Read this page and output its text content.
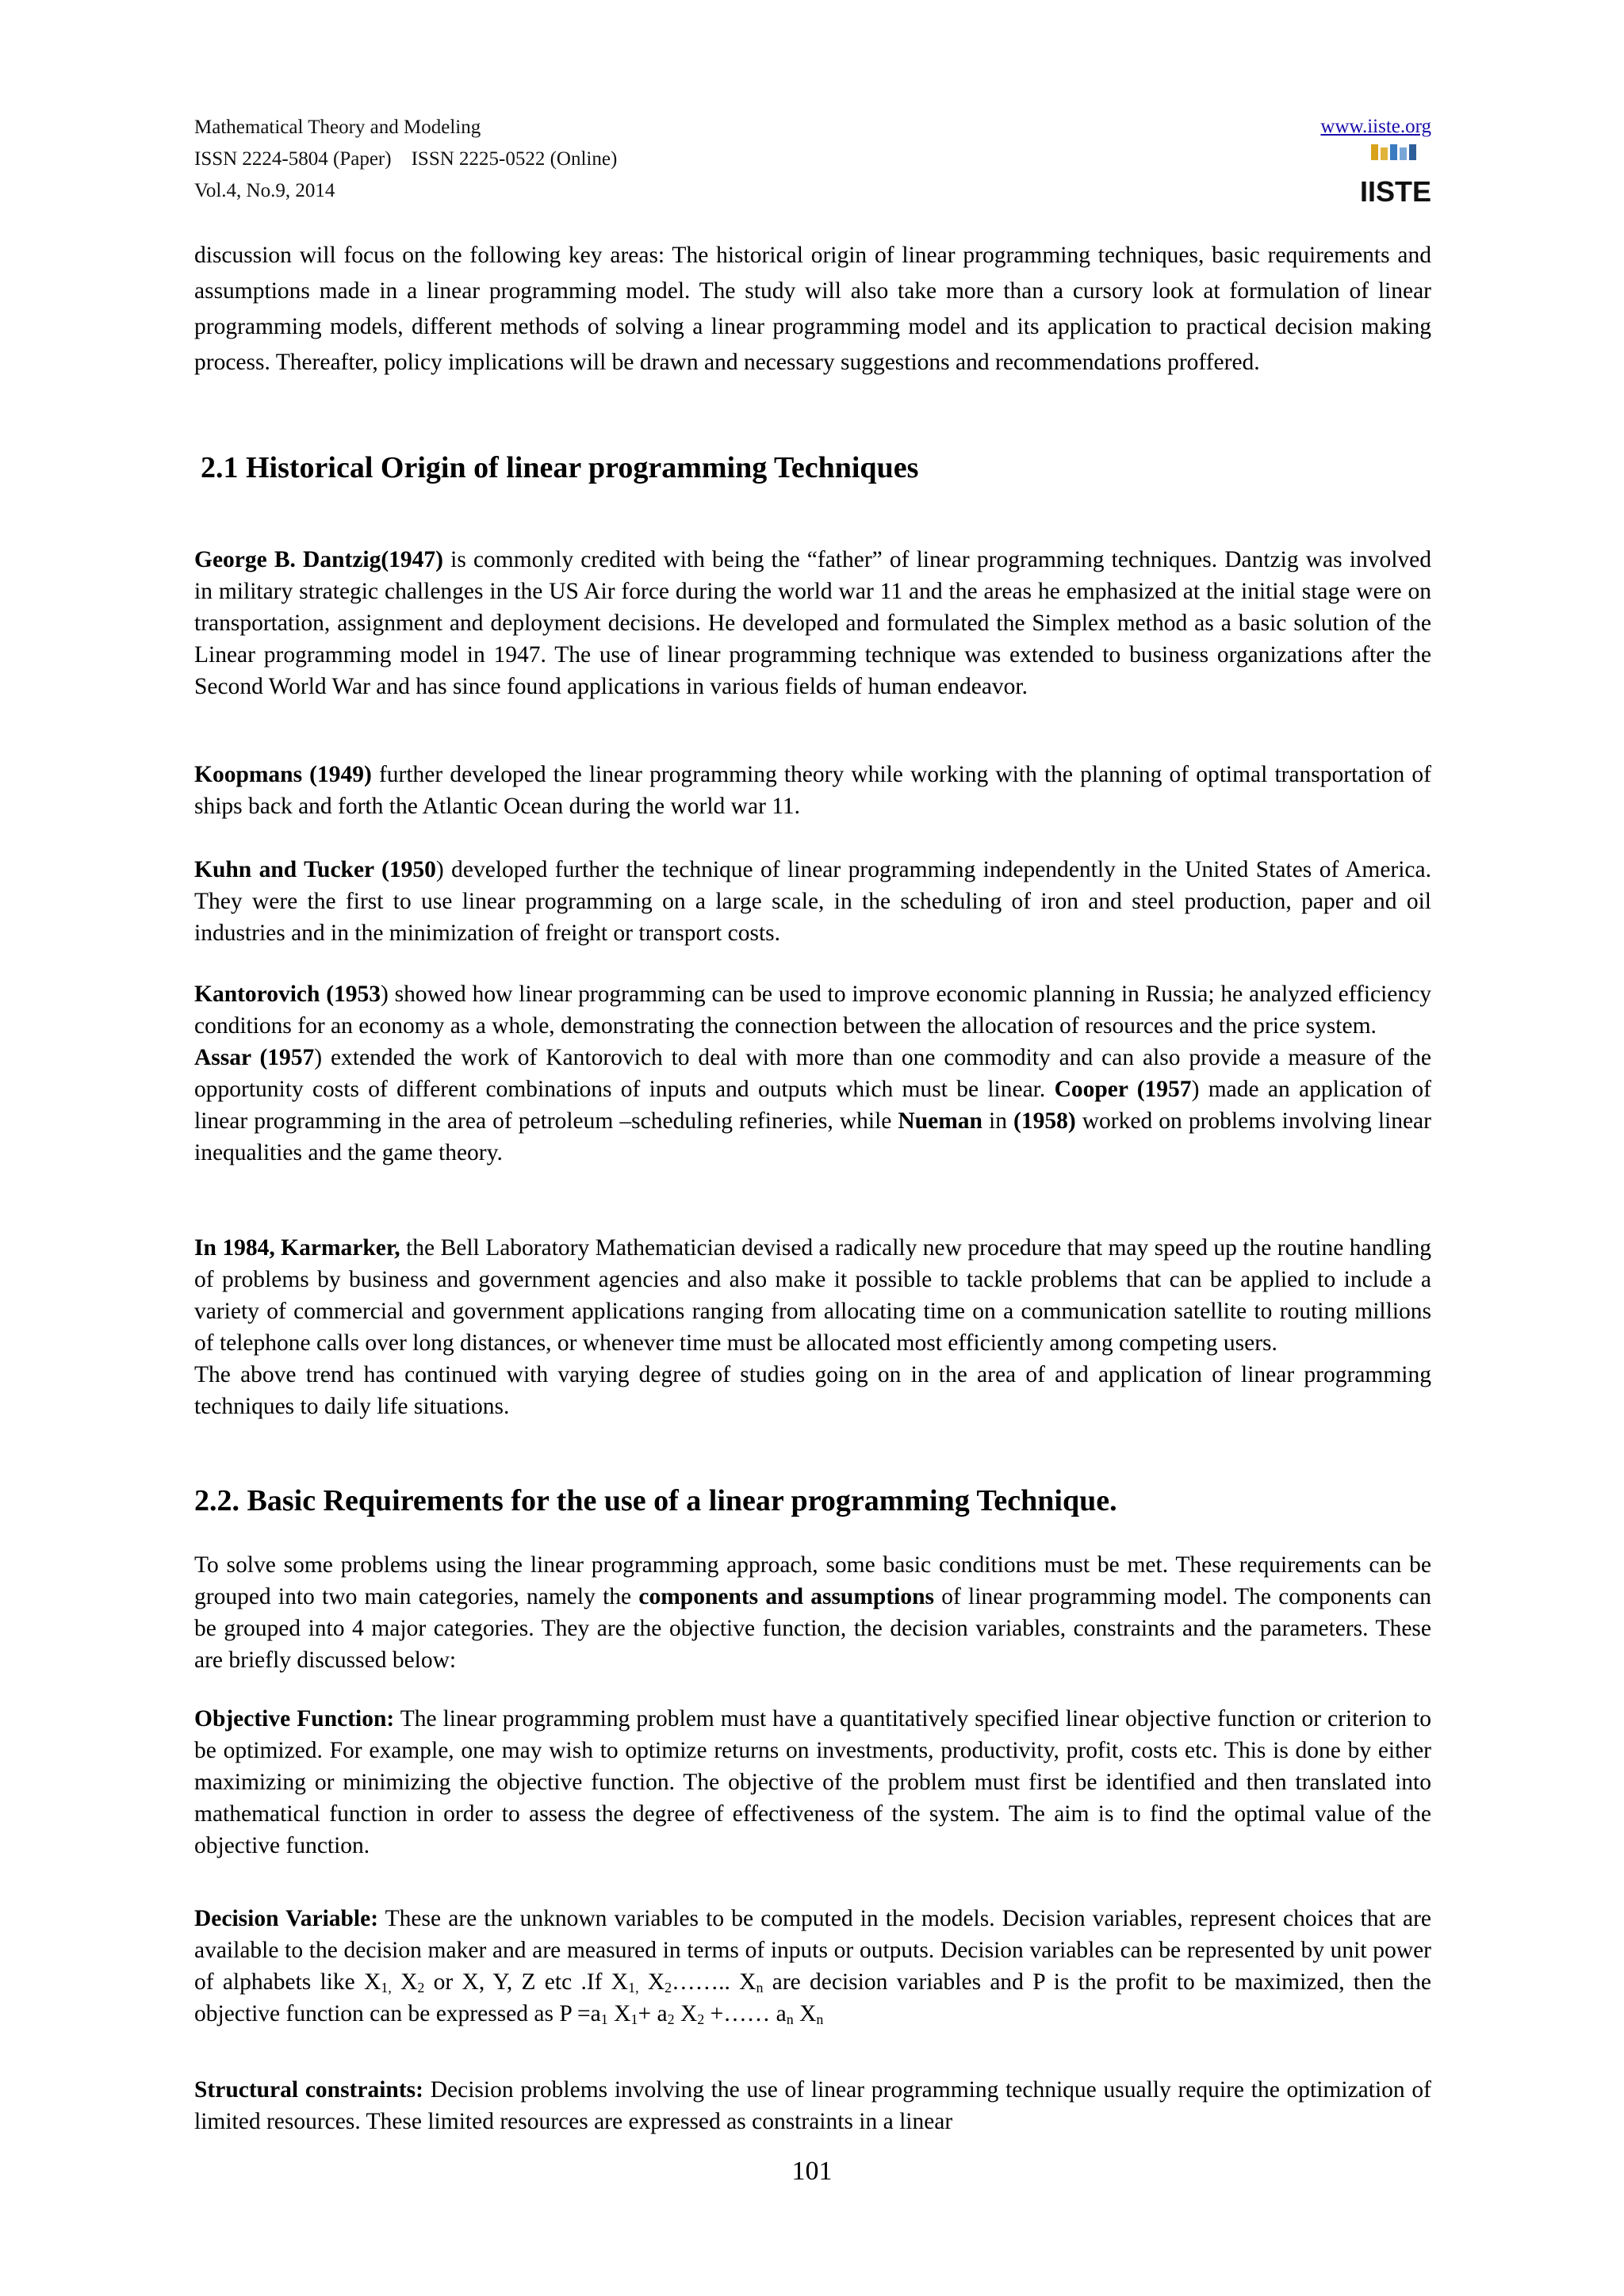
Mathematical Theory and Modeling
ISSN 2224-5804 (Paper)    ISSN 2225-0522 (Online)
Vol.4, No.9, 2014
www.iiste.org
IISTE

discussion will focus on the following key areas: The historical origin of linear programming techniques, basic requirements and assumptions made in a linear programming model. The study will also take more than a cursory look at formulation of linear programming models, different methods of solving a linear programming model and its application to practical decision making process. Thereafter, policy implications will be drawn and necessary suggestions and recommendations proffered.

2.1 Historical Origin of linear programming Techniques

George B. Dantzig(1947) is commonly credited with being the “father” of linear programming techniques. Dantzig was involved in military strategic challenges in the US Air force during the world war 11 and the areas he emphasized at the initial stage were on transportation, assignment and deployment decisions. He developed and formulated the Simplex method as a basic solution of the Linear programming model in 1947. The use of linear programming technique was extended to business organizations after the Second World War and has since found applications in various fields of human endeavor.

Koopmans (1949) further developed the linear programming theory while working with the planning of optimal transportation of ships back and forth the Atlantic Ocean during the world war 11.

Kuhn and Tucker (1950) developed further the technique of linear programming independently in the United States of America. They were the first to use linear programming on a large scale, in the scheduling of iron and steel production, paper and oil industries and in the minimization of freight or transport costs.

Kantorovich (1953) showed how linear programming can be used to improve economic planning in Russia; he analyzed efficiency conditions for an economy as a whole, demonstrating the connection between the allocation of resources and the price system.

Assar (1957) extended the work of Kantorovich to deal with more than one commodity and can also provide a measure of the opportunity costs of different combinations of inputs and outputs which must be linear. Cooper (1957) made an application of linear programming in the area of petroleum –scheduling refineries, while Nueman in (1958) worked on problems involving linear inequalities and the game theory.

In 1984, Karmarker, the Bell Laboratory Mathematician devised a radically new procedure that may speed up the routine handling of problems by business and government agencies and also make it possible to tackle problems that can be applied to include a variety of commercial and government applications ranging from allocating time on a communication satellite to routing millions of telephone calls over long distances, or whenever time must be allocated most efficiently among competing users.

The above trend has continued with varying degree of studies going on in the area of and application of linear programming techniques to daily life situations.

2.2. Basic Requirements for the use of a linear programming Technique.

To solve some problems using the linear programming approach, some basic conditions must be met. These requirements can be grouped into two main categories, namely the components and assumptions of linear programming model. The components can be grouped into 4 major categories. They are the objective function, the decision variables, constraints and the parameters. These are briefly discussed below:

Objective Function: The linear programming problem must have a quantitatively specified linear objective function or criterion to be optimized. For example, one may wish to optimize returns on investments, productivity, profit, costs etc. This is done by either maximizing or minimizing the objective function. The objective of the problem must first be identified and then translated into mathematical function in order to assess the degree of effectiveness of the system. The aim is to find the optimal value of the objective function.

Decision Variable: These are the unknown variables to be computed in the models. Decision variables, represent choices that are available to the decision maker and are measured in terms of inputs or outputs. Decision variables can be represented by unit power of alphabets like $X_{1,}$ $X_2$ or X, Y, Z etc .If $X_{1,}$ $X_2\dots\dots$.. $X_n$ are decision variables and P is the profit to be maximized, then the objective function can be expressed as $P =a_1$ $X_1+ a_2$ $X_2$ +…… $a_n$ $X_n$

Structural constraints: Decision problems involving the use of linear programming technique usually require the optimization of limited resources. These limited resources are expressed as constraints in a linear

101
